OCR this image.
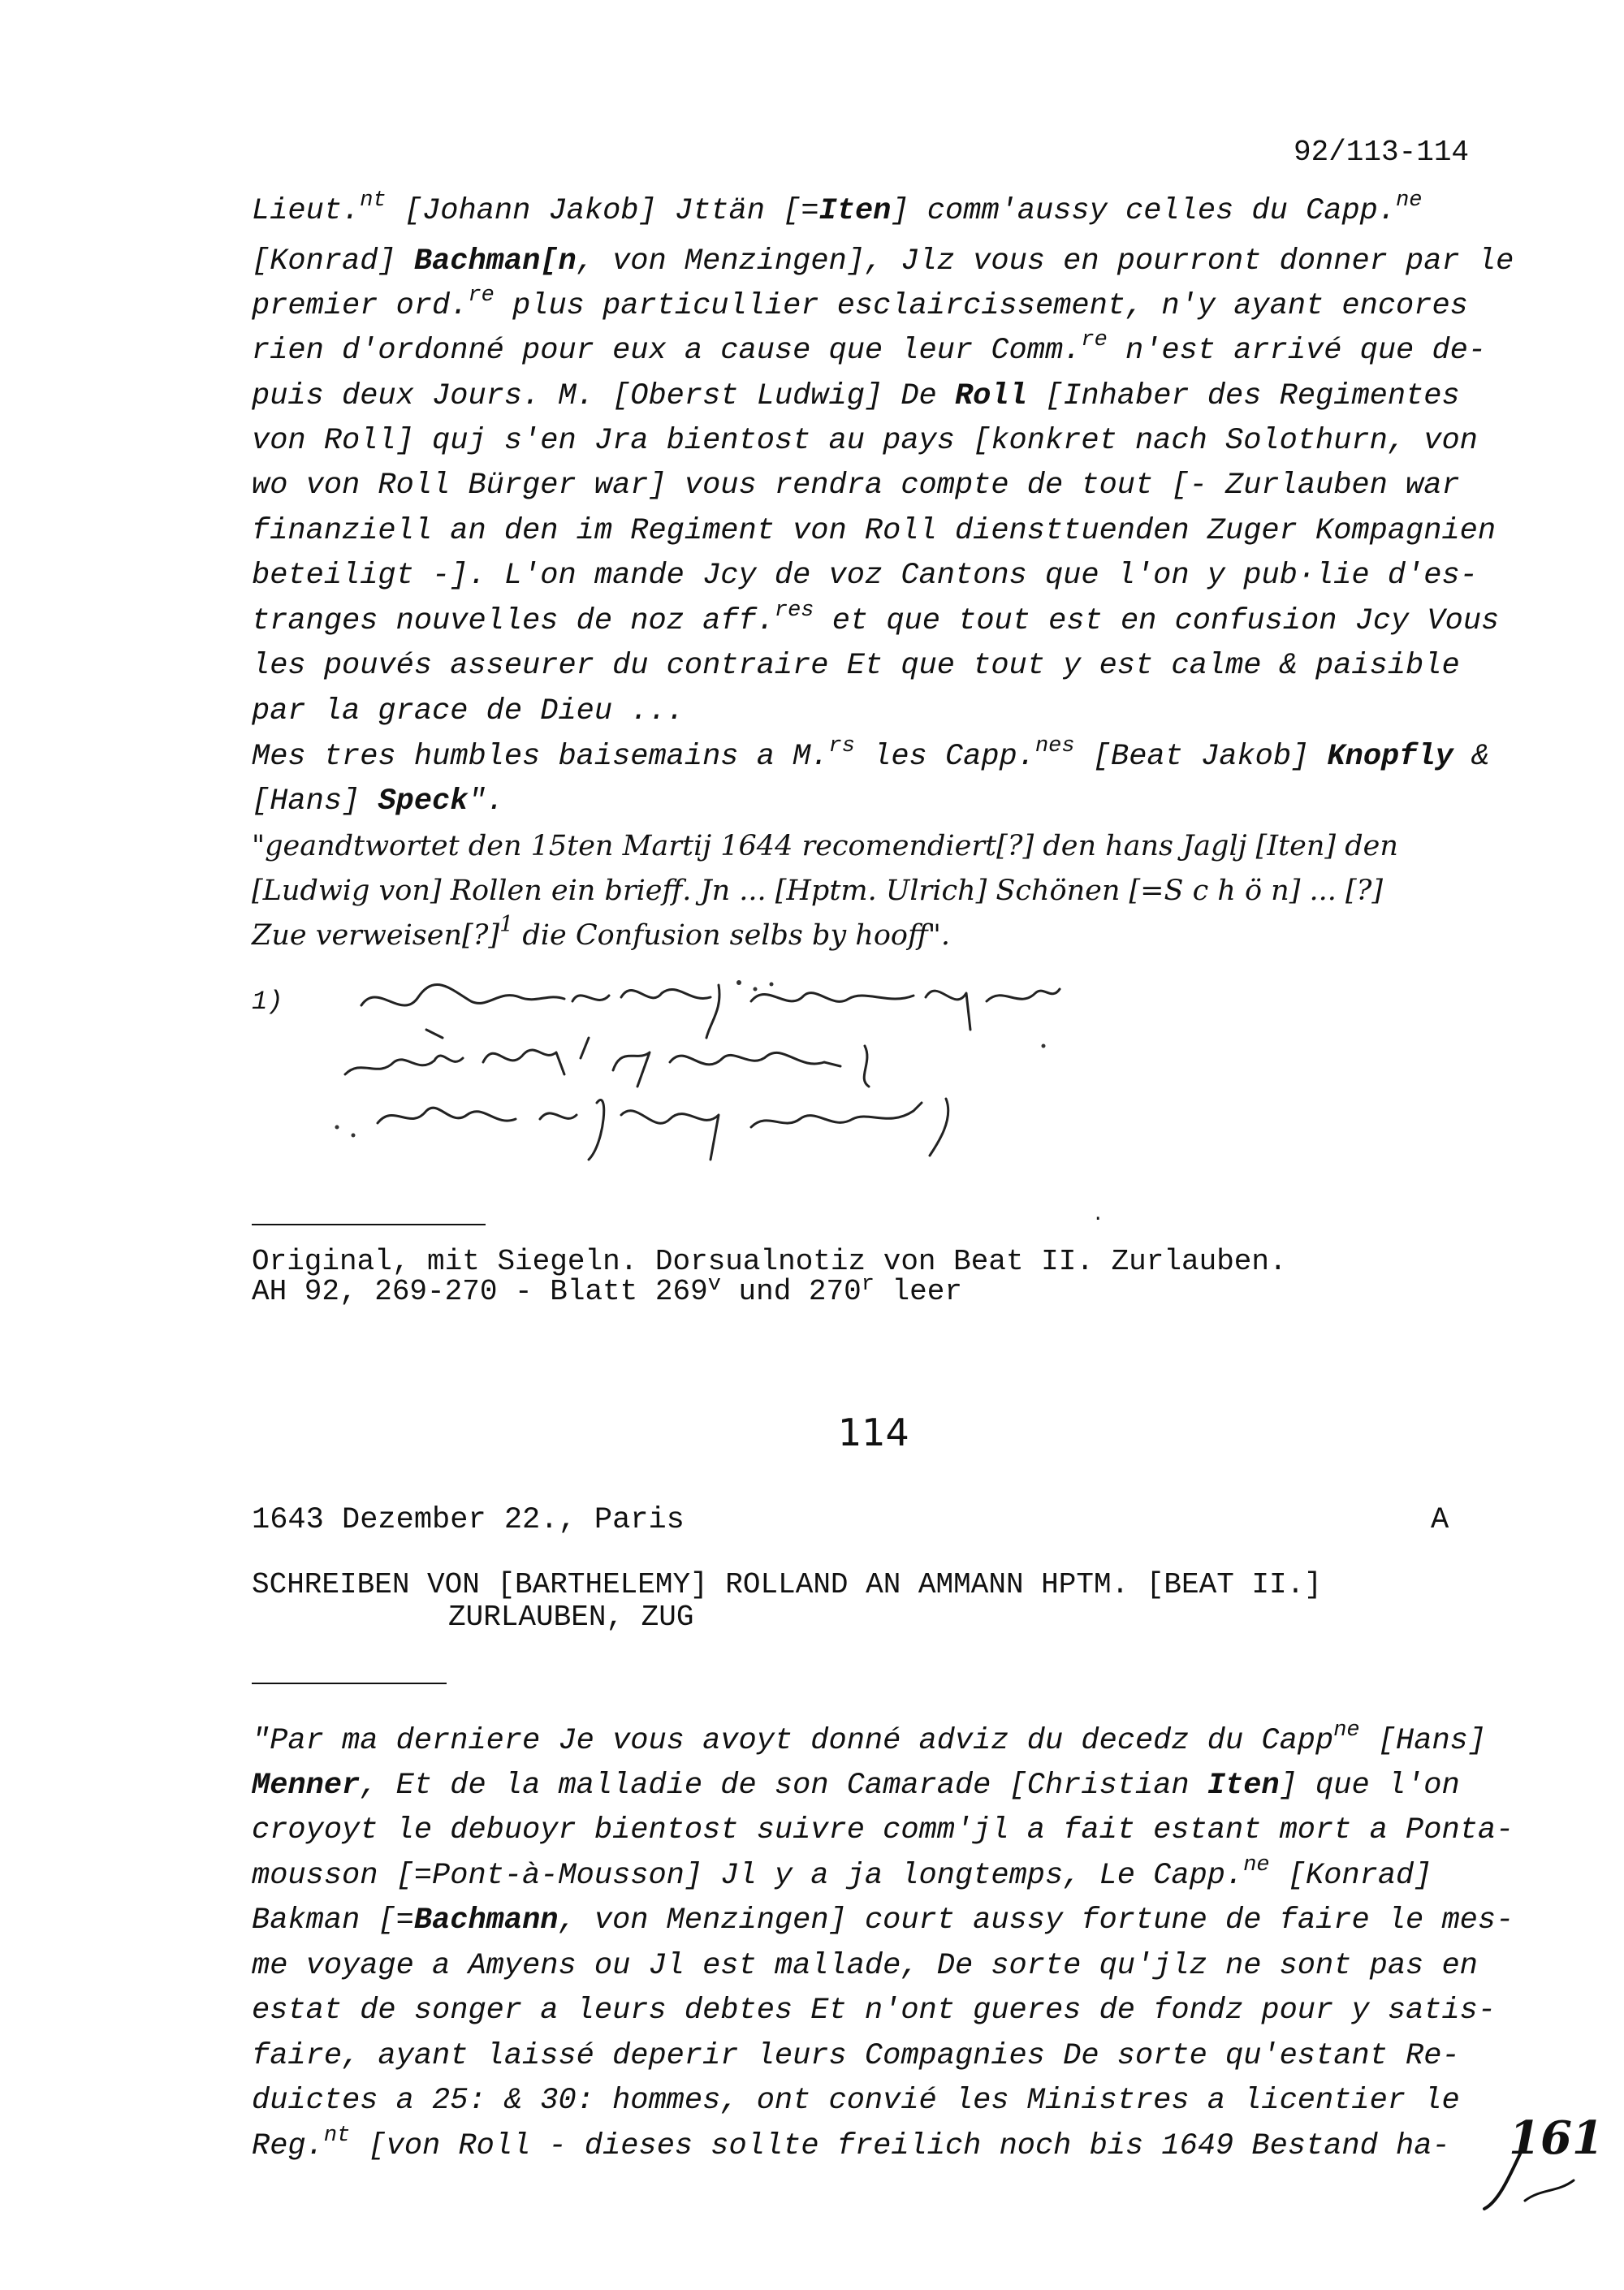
92/113-114
Lieut.$^{nt}$ [Johann Jakob] Jttän [=Iten] comm'aussy celles du Capp.$^{ne}$
[Konrad] Bachman[n, von Menzingen], Jlz vous en pourront donner par le
premier ord.$^{re}$ plus particullier esclaircissement, n'y ayant encores
rien d'ordonné pour eux a cause que leur Comm.$^{re}$ n'est arrivé que de-
puis deux Jours. M. [Oberst Ludwig] De Roll [Inhaber des Regimentes
von Roll] quj s'en Jra bientost au pays [konkret nach Solothurn, von
wo von Roll Bürger war] vous rendra compte de tout [- Zurlauben war
finanziell an den im Regiment von Roll diensttuenden Zuger Kompagnien
beteiligt -]. L'on mande Jcy de voz Cantons que l'on y pub·lie d'es-
tranges nouvelles de noz aff.$^{res}$ et que tout est en confusion Jcy Vous
les pouvés asseurer du contraire Et que tout y est calme & paisible
par la grace de Dieu ...
Mes tres humbles baisemains a M.$^{rs}$ les Capp.$^{nes}$ [Beat Jakob] Knopfly &
[Hans] Speck".
"geandtwortet den 15ten Martij 1644 recomendiert[?] den hans Jaglj [Iten] den
[Ludwig von] Rollen ein brieff. Jn ... [Hptm. Ulrich] Schönen [=S c h ö n] ... [?]
Zue verweisen[?]$^1$ die Confusion selbs by hooff".
1)
·
Original, mit Siegeln. Dorsualnotiz von Beat II. Zurlauben.
AH 92, 269-270 - Blatt 269$^v$ und 270$^r$ leer
114
1643 Dezember 22., Paris	A
SCHREIBEN VON [BARTHELEMY] ROLLAND AN AMMANN HPTM. [BEAT II.]
ZURLAUBEN, ZUG
"Par ma derniere Je vous avoyt donné adviz du decedz du Capp$^{ne}$ [Hans]
Menner, Et de la malladie de son Camarade [Christian Iten] que l'on
croyoyt le debuoyr bientost suivre comm'jl a fait estant mort a Ponta-
mousson [=Pont-à-Mousson] Jl y a ja longtemps, Le Capp.$^{ne}$ [Konrad]
Bakman [=Bachmann, von Menzingen] court aussy fortune de faire le mes-
me voyage a Amyens ou Jl est mallade, De sorte qu'jlz ne sont pas en
estat de songer a leurs debtes Et n'ont gueres de fondz pour y satis-
faire, ayant laissé deperir leurs Compagnies De sorte qu'estant Re-
duictes a 25: & 30: hommes, ont convié les Ministres a licentier le
Reg.$^{nt}$ [von Roll - dieses sollte freilich noch bis 1649 Bestand ha- 161
